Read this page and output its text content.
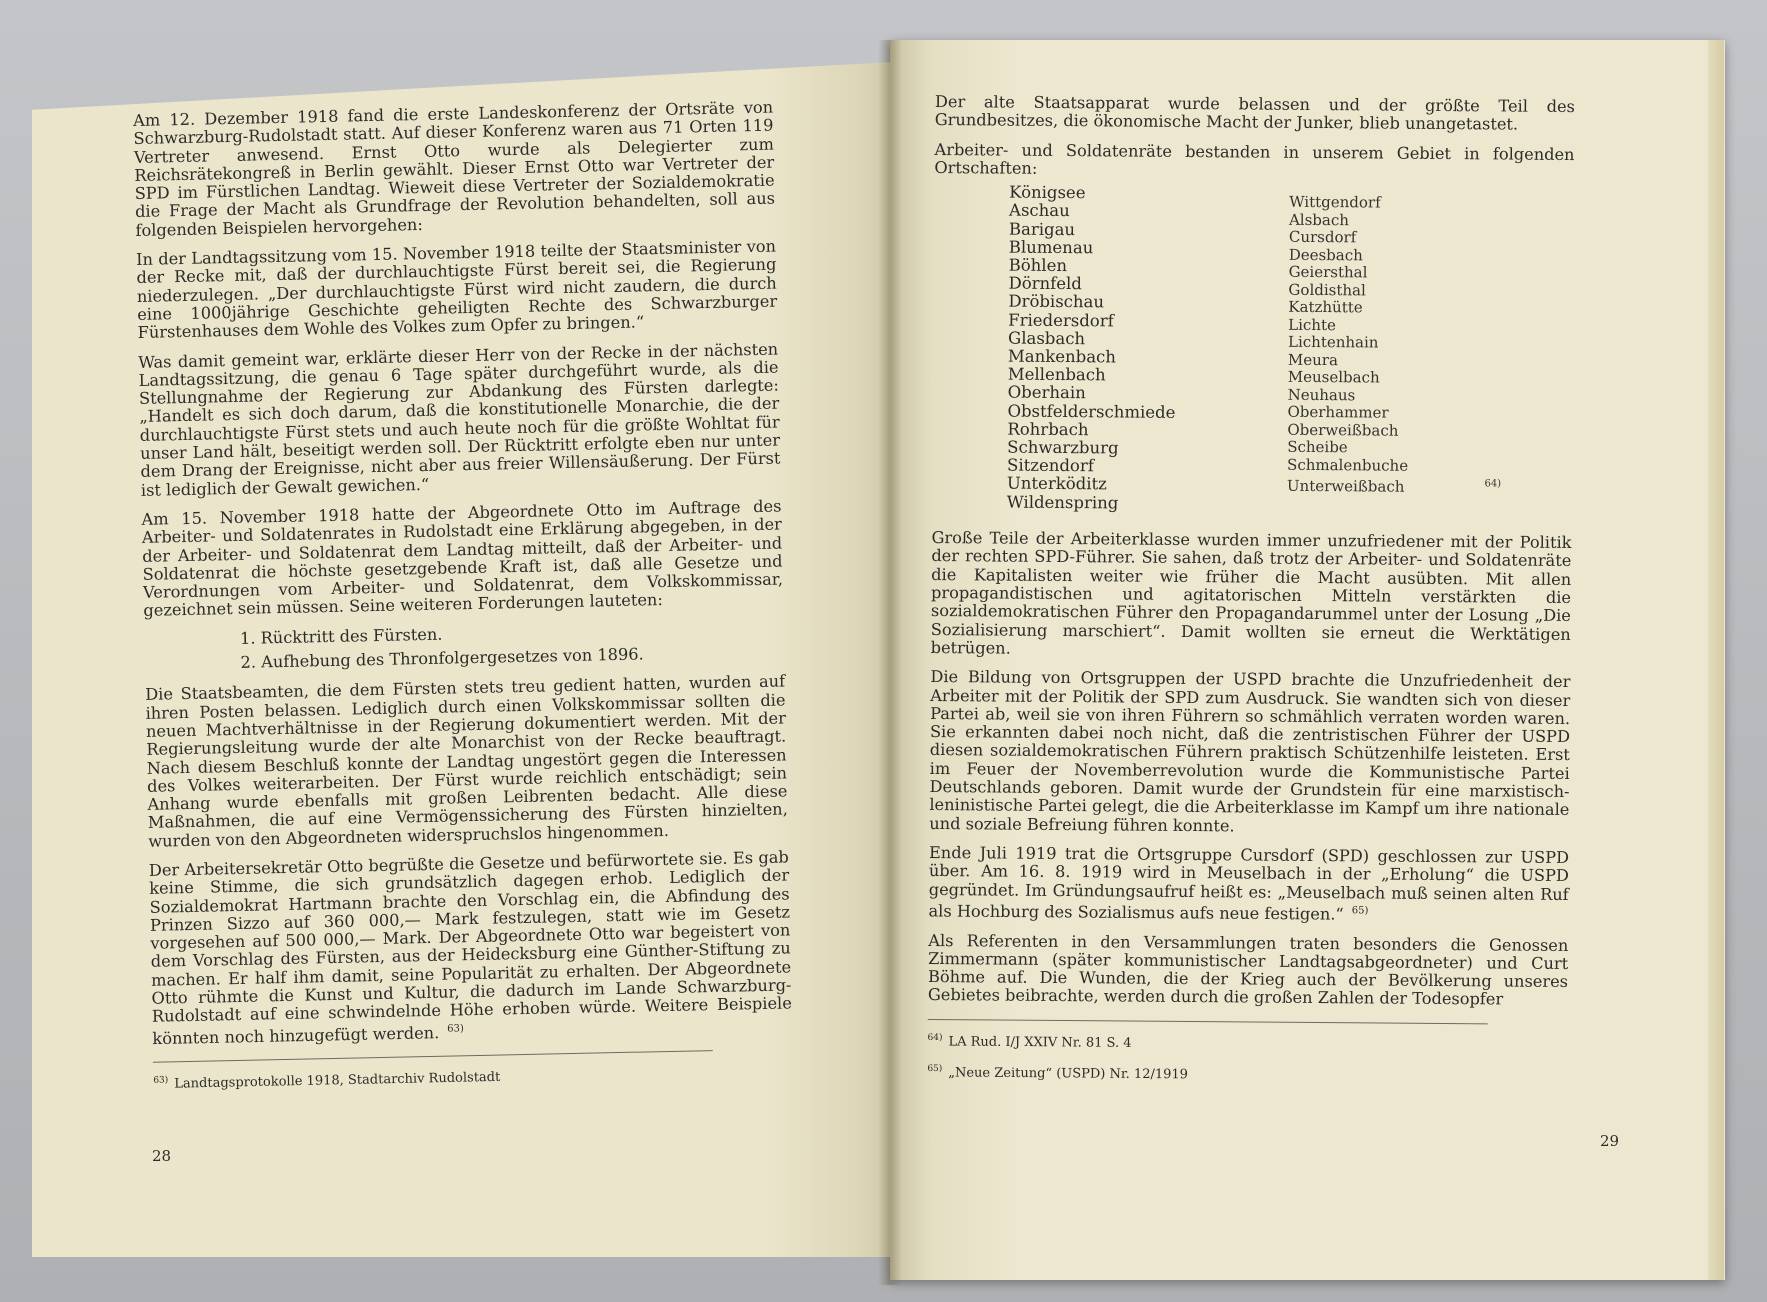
Am 12. Dezember 1918 fand die erste Landeskonferenz der Ortsräte von Schwarzburg-Rudolstadt statt. Auf dieser Konferenz waren aus 71 Orten 119 Vertreter anwesend. Ernst Otto wurde als Delegierter zum Reichsrätekongreß in Berlin gewählt. Dieser Ernst Otto war Vertreter der SPD im Fürstlichen Landtag. Wieweit diese Vertreter der Sozialdemokratie die Frage der Macht als Grundfrage der Revolution behandelten, soll aus folgenden Beispielen hervorgehen:

In der Landtagssitzung vom 15. November 1918 teilte der Staatsminister von der Recke mit, daß der durchlauchtigste Fürst bereit sei, die Regierung niederzulegen. „Der durchlauchtigste Fürst wird nicht zaudern, die durch eine 1000jährige Geschichte geheiligten Rechte des Schwarzburger Fürstenhauses dem Wohle des Volkes zum Opfer zu bringen.“

Was damit gemeint war, erklärte dieser Herr von der Recke in der nächsten Landtagssitzung, die genau 6 Tage später durchgeführt wurde, als die Stellungnahme der Regierung zur Abdankung des Fürsten darlegte: „Handelt es sich doch darum, daß die konstitutionelle Monarchie, die der durchlauchtigste Fürst stets und auch heute noch für die größte Wohltat für unser Land hält, beseitigt werden soll. Der Rücktritt erfolgte eben nur unter dem Drang der Ereignisse, nicht aber aus freier Willensäußerung. Der Fürst ist lediglich der Gewalt gewichen.“

Am 15. November 1918 hatte der Abgeordnete Otto im Auftrage des Arbeiter- und Soldatenrates in Rudolstadt eine Erklärung abgegeben, in der der Arbeiter- und Soldatenrat dem Landtag mitteilt, daß der Arbeiter- und Soldatenrat die höchste gesetzgebende Kraft ist, daß alle Gesetze und Verordnungen vom Arbeiter- und Soldatenrat, dem Volkskommissar, gezeichnet sein müssen. Seine weiteren Forderungen lauteten:

1. Rücktritt des Fürsten.
2. Aufhebung des Thronfolgergesetzes von 1896.

Die Staatsbeamten, die dem Fürsten stets treu gedient hatten, wurden auf ihren Posten belassen. Lediglich durch einen Volkskommissar sollten die neuen Machtverhältnisse in der Regierung dokumentiert werden. Mit der Regierungsleitung wurde der alte Monarchist von der Recke beauftragt. Nach diesem Beschluß konnte der Landtag ungestört gegen die Interessen des Volkes weiterarbeiten. Der Fürst wurde reichlich entschädigt; sein Anhang wurde ebenfalls mit großen Leibrenten bedacht. Alle diese Maßnahmen, die auf eine Vermögenssicherung des Fürsten hinzielten, wurden von den Abgeordneten widerspruchslos hingenommen.

Der Arbeitersekretär Otto begrüßte die Gesetze und befürwortete sie. Es gab keine Stimme, die sich grundsätzlich dagegen erhob. Lediglich der Sozialdemokrat Hartmann brachte den Vorschlag ein, die Abfindung des Prinzen Sizzo auf 360 000,— Mark festzulegen, statt wie im Gesetz vorgesehen auf 500 000,— Mark. Der Abgeordnete Otto war begeistert von dem Vorschlag des Fürsten, aus der Heidecksburg eine Günther-Stiftung zu machen. Er half ihm damit, seine Popularität zu erhalten. Der Abgeordnete Otto rühmte die Kunst und Kultur, die dadurch im Lande Schwarzburg-Rudolstadt auf eine schwindelnde Höhe erhoben würde. Weitere Beispiele könnten noch hinzugefügt werden. $^{63)}$

$^{63)}$ Landtagsprotokolle 1918, Stadtarchiv Rudolstadt

28

Der alte Staatsapparat wurde belassen und der größte Teil des Grundbesitzes, die ökonomische Macht der Junker, blieb unangetastet.

Arbeiter- und Soldatenräte bestanden in unserem Gebiet in folgenden Ortschaften:

Königsee
Aschau
Barigau
Blumenau
Böhlen
Dörnfeld
Dröbischau
Friedersdorf
Glasbach
Mankenbach
Mellenbach
Oberhain
Obstfelderschmiede
Rohrbach
Schwarzburg
Sitzendorf
Unterköditz
Wildenspring
Wittgendorf
Alsbach
Cursdorf
Deesbach
Geiersthal
Goldisthal
Katzhütte
Lichte
Lichtenhain
Meura
Meuselbach
Neuhaus
Oberhammer
Oberweißbach
Scheibe
Schmalenbuche
Unterweißbach	$^{64)}$

Große Teile der Arbeiterklasse wurden immer unzufriedener mit der Politik der rechten SPD-Führer. Sie sahen, daß trotz der Arbeiter- und Soldatenräte die Kapitalisten weiter wie früher die Macht ausübten. Mit allen propagandistischen und agitatorischen Mitteln verstärkten die sozialdemokratischen Führer den Propagandarummel unter der Losung „Die Sozialisierung marschiert“. Damit wollten sie erneut die Werktätigen betrügen.

Die Bildung von Ortsgruppen der USPD brachte die Unzufriedenheit der Arbeiter mit der Politik der SPD zum Ausdruck. Sie wandten sich von dieser Partei ab, weil sie von ihren Führern so schmählich verraten worden waren. Sie erkannten dabei noch nicht, daß die zentristischen Führer der USPD diesen sozialdemokratischen Führern praktisch Schützenhilfe leisteten. Erst im Feuer der Novemberrevolution wurde die Kommunistische Partei Deutschlands geboren. Damit wurde der Grundstein für eine marxistisch-leninistische Partei gelegt, die die Arbeiterklasse im Kampf um ihre nationale und soziale Befreiung führen konnte.

Ende Juli 1919 trat die Ortsgruppe Cursdorf (SPD) geschlossen zur USPD über. Am 16. 8. 1919 wird in Meuselbach in der „Erholung“ die USPD gegründet. Im Gründungsaufruf heißt es: „Meuselbach muß seinen alten Ruf als Hochburg des Sozialismus aufs neue festigen.“ $^{65)}$

Als Referenten in den Versammlungen traten besonders die Genossen Zimmermann (später kommunistischer Landtagsabgeordneter) und Curt Böhme auf. Die Wunden, die der Krieg auch der Bevölkerung unseres Gebietes beibrachte, werden durch die großen Zahlen der Todesopfer

$^{64)}$ LA Rud. I/J XXIV Nr. 81 S. 4

$^{65)}$ „Neue Zeitung“ (USPD) Nr. 12/1919

29
